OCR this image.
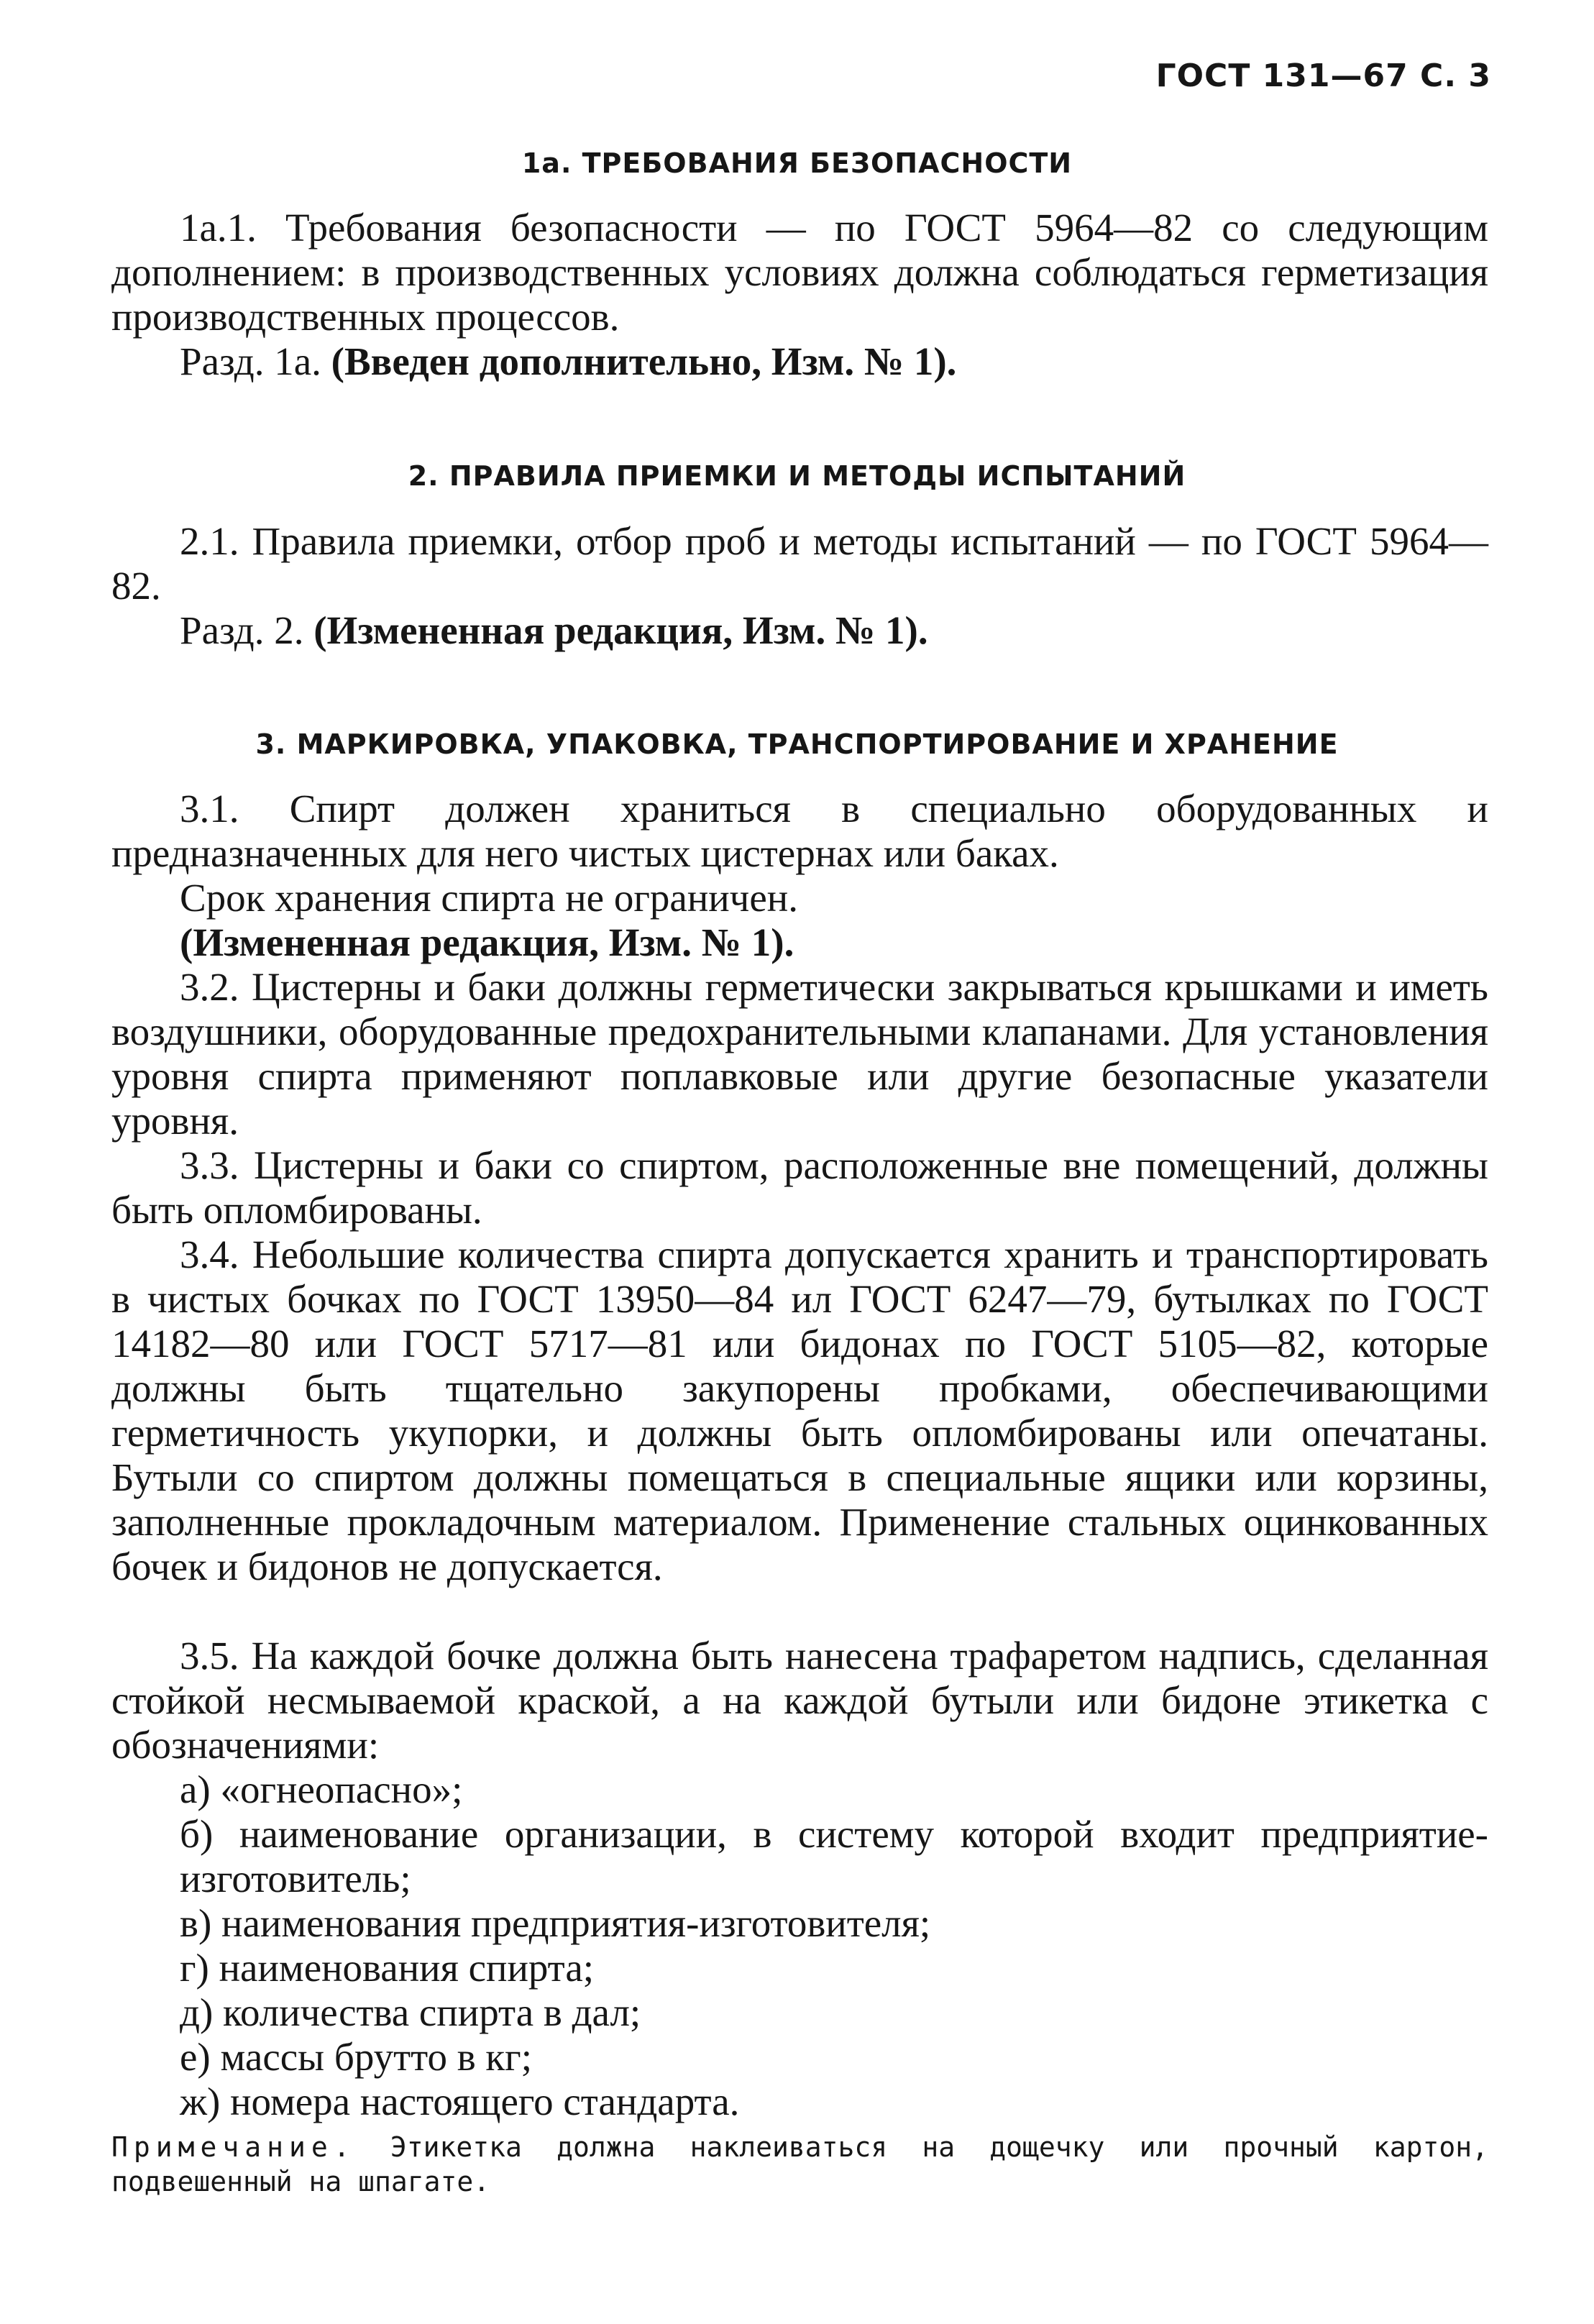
ГОСТ 131—67 С. 3
1а. ТРЕБОВАНИЯ БЕЗОПАСНОСТИ

1а.1. Требования безопасности — по ГОСТ 5964—82 со следующим дополнением: в производственных условиях должна соблюдаться герметизация производственных процессов.

Разд. 1а. (Введен дополнительно, Изм. № 1).

2. ПРАВИЛА ПРИЕМКИ И МЕТОДЫ ИСПЫТАНИЙ

2.1. Правила приемки, отбор проб и методы испытаний — по ГОСТ 5964—82.

Разд. 2. (Измененная редакция, Изм. № 1).

3. МАРКИРОВКА, УПАКОВКА, ТРАНСПОРТИРОВАНИЕ И ХРАНЕНИЕ

3.1. Спирт должен храниться в специально оборудованных и предназначенных для него чистых цистернах или баках.

Срок хранения спирта не ограничен.

(Измененная редакция, Изм. № 1).

3.2. Цистерны и баки должны герметически закрываться крышками и иметь воздушники, оборудованные предохранительными клапанами. Для установления уровня спирта применяют поплавковые или другие безопасные указатели уровня.

3.3. Цистерны и баки со спиртом, расположенные вне помещений, должны быть опломбированы.

3.4. Небольшие количества спирта допускается хранить и транспортировать в чистых бочках по ГОСТ 13950—84 ил ГОСТ 6247—79, бутылках по ГОСТ 14182—80 или ГОСТ 5717—81 или бидонах по ГОСТ 5105—82, которые должны быть тщательно закупорены пробками, обеспечивающими герметичность укупорки, и должны быть опломбированы или опечатаны. Бутыли со спиртом должны помещаться в специальные ящики или корзины, заполненные прокладочным материалом. Применение стальных оцинкованных бочек и бидонов не допускается.

3.5. На каждой бочке должна быть нанесена трафаретом надпись, сделанная стойкой несмываемой краской, а на каждой бутыли или бидоне этикетка с обозначениями:

а) «огнеопасно»;

б) наименование организации, в систему которой входит предприятие-изготовитель;

в) наименования предприятия-изготовителя;
г) наименования спирта;
д) количества спирта в дал;
е) массы брутто в кг;
ж) номера настоящего стандарта.

Примечание. Этикетка должна наклеиваться на дощечку или прочный картон, подвешенный на шпагате.
